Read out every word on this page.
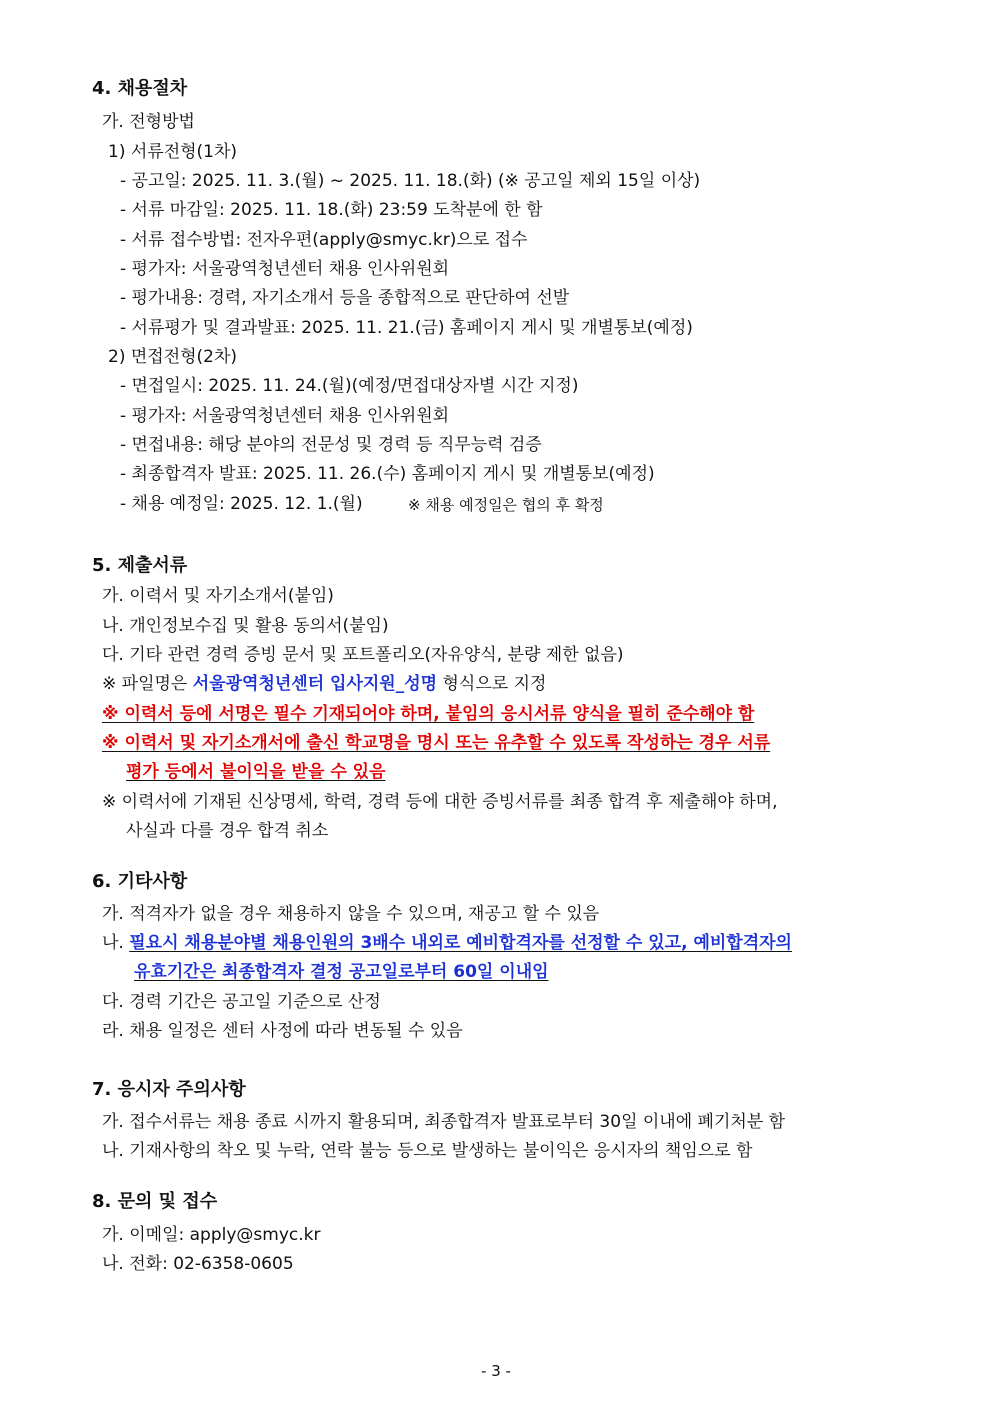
4. 채용절차
가. 전형방법
1) 서류전형(1차)
- 공고일: 2025. 11. 3.(월) ~ 2025. 11. 18.(화) (※ 공고일 제외 15일 이상)
- 서류 마감일: 2025. 11. 18.(화) 23:59 도착분에 한 함
- 서류 접수방법: 전자우편(apply@smyc.kr)으로 접수
- 평가자: 서울광역청년센터 채용 인사위원회
- 평가내용: 경력, 자기소개서 등을 종합적으로 판단하여 선발
- 서류평가 및 결과발표: 2025. 11. 21.(금) 홈페이지 게시 및 개별통보(예정)
2) 면접전형(2차)
- 면접일시: 2025. 11. 24.(월)(예정/면접대상자별 시간 지정)
- 평가자: 서울광역청년센터 채용 인사위원회
- 면접내용: 해당 분야의 전문성 및 경력 등 직무능력 검증
- 최종합격자 발표: 2025. 11. 26.(수) 홈페이지 게시 및 개별통보(예정)
- 채용 예정일: 2025. 12. 1.(월)	※ 채용 예정일은 협의 후 확정
5. 제출서류
가. 이력서 및 자기소개서(붙임)
나. 개인정보수집 및 활용 동의서(붙임)
다. 기타 관련 경력 증빙 문서 및 포트폴리오(자유양식, 분량 제한 없음)
※ 파일명은 서울광역청년센터 입사지원_성명 형식으로 지정
※ 이력서 등에 서명은 필수 기재되어야 하며, 붙임의 응시서류 양식을 필히 준수해야 함
※ 이력서 및 자기소개서에 출신 학교명을 명시 또는 유추할 수 있도록 작성하는 경우 서류
평가 등에서 불이익을 받을 수 있음
※ 이력서에 기재된 신상명세, 학력, 경력 등에 대한 증빙서류를 최종 합격 후 제출해야 하며,
사실과 다를 경우 합격 취소
6. 기타사항
가. 적격자가 없을 경우 채용하지 않을 수 있으며, 재공고 할 수 있음
나. 필요시 채용분야별 채용인원의 3배수 내외로 예비합격자를 선정할 수 있고, 예비합격자의
유효기간은 최종합격자 결정 공고일로부터 60일 이내임
다. 경력 기간은 공고일 기준으로 산정
라. 채용 일정은 센터 사정에 따라 변동될 수 있음
7. 응시자 주의사항
가. 접수서류는 채용 종료 시까지 활용되며, 최종합격자 발표로부터 30일 이내에 폐기처분 함
나. 기재사항의 착오 및 누락, 연락 불능 등으로 발생하는 불이익은 응시자의 책임으로 함
8. 문의 및 접수
가. 이메일: apply@smyc.kr
나. 전화: 02-6358-0605
- 3 -
